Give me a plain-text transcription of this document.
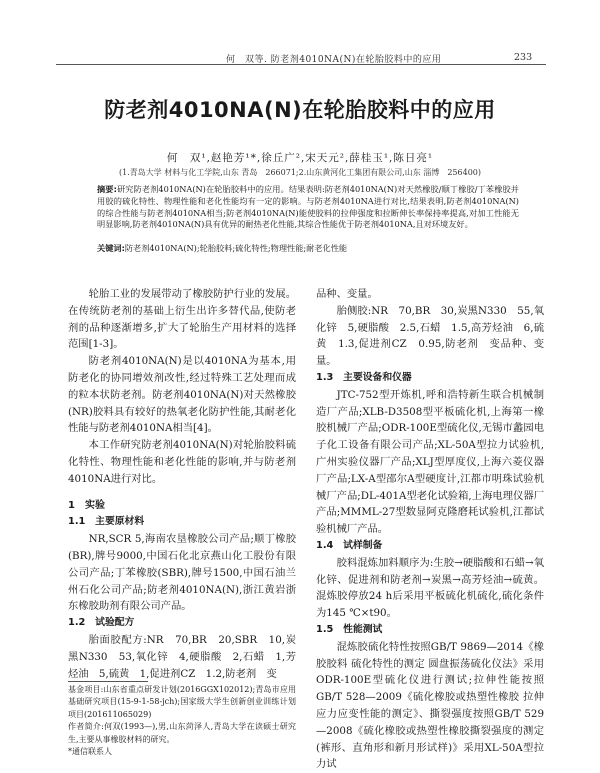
何　双等. 防老剂4010NA(N)在轮胎胶料中的应用	233
防老剂4010NA(N)在轮胎胶料中的应用
何　双¹,赵艳芳¹*,徐丘广²,宋天元²,薛桂玉¹,陈日亮¹
(1.青岛大学 材料与化工学院,山东 青岛　266071;2.山东黄河化工集团有限公司,山东 淄博　256400)
摘要:研究防老剂4010NA(N)在轮胎胶料中的应用。结果表明:防老剂4010NA(N)对天然橡胶/顺丁橡胶/丁苯橡胶并用胶的硫化特性、物理性能和老化性能均有一定的影响。与防老剂4010NA进行对比,结果表明,防老剂4010NA(N)的综合性能与防老剂4010NA相当;防老剂4010NA(N)能使胶料的拉伸强度和拉断伸长率保持率提高,对加工性能无明显影响,防老剂4010NA(N)具有优异的耐热老化性能,其综合性能优于防老剂4010NA,且对环境友好。
关键词:防老剂4010NA(N);轮胎胶料;硫化特性;物理性能;耐老化性能

轮胎工业的发展带动了橡胶防护行业的发展。在传统防老剂的基础上衍生出许多替代品,使防老剂的品种逐渐增多,扩大了轮胎生产用材料的选择范围[1-3]。

防老剂4010NA(N)是以4010NA为基本,用防老化的协同增效剂改性,经过特殊工艺处理而成的粒本状防老剂。防老剂4010NA(N)对天然橡胶(NR)胶料具有较好的热氧老化防护性能,其耐老化性能与防老剂4010NA相当[4]。

本工作研究防老剂4010NA(N)对轮胎胶料硫化特性、物理性能和老化性能的影响,并与防老剂4010NA进行对比。

1　实验

1.1　主要原材料

NR,SCR 5,海南农垦橡胶公司产品;顺丁橡胶(BR),牌号9000,中国石化北京燕山化工股份有限公司产品;丁苯橡胶(SBR),牌号1500,中国石油兰州石化公司产品;防老剂4010NA(N),浙江黄岩浙东橡胶助剂有限公司产品。

1.2　试验配方

胎面胶配方:NR　70,BR　20,SBR　10,炭黑N330　53,氧化锌　4,硬脂酸　2,石蜡　1,芳烃油　5,硫黄　1,促进剂CZ　1.2,防老剂　变

基金项目:山东省重点研发计划(2016GGX102012);青岛市应用基础研究项目(15-9-1-58-jch);国家级大学生创新创业训练计划项目(201611065029)

作者简介:何双(1993—),男,山东菏泽人,青岛大学在读硕士研究生,主要从事橡胶材料的研究。

*通信联系人

品种、变量。

胎侧胶:NR　70,BR　30,炭黑N330　55,氧化锌　5,硬脂酸　2.5,石蜡　1.5,高芳烃油　6,硫黄　1.3,促进剂CZ　0.95,防老剂　变品种、变量。

1.3　主要设备和仪器

JTC-752型开炼机,呼和浩特新生联合机械制造厂产品;XLB-D3508型平板硫化机,上海第一橡胶机械厂产品;ODR-100E型硫化仪,无锡市蠡园电子化工设备有限公司产品;XL-50A型拉力试验机,广州实验仪器厂产品;XLJ型厚度仪,上海六菱仪器厂产品;LX-A型邵尔A型硬度计,江都市明珠试验机械厂产品;DL-401A型老化试验箱,上海电理仪器厂产品;MMML-27型数显阿克隆磨耗试验机,江都试验机械厂产品。

1.4　试样制备

胶料混炼加料顺序为:生胶→硬脂酸和石蜡→氧化锌、促进剂和防老剂→炭黑→高芳烃油→硫黄。混炼胶停放24 h后采用平板硫化机硫化,硫化条件为145 ℃×t90。

1.5　性能测试

混炼胶硫化特性按照GB/T 9869—2014《橡胶胶料 硫化特性的测定 圆盘振荡硫化仪法》采用ODR-100E型硫化仪进行测试;拉伸性能按照GB/T 528—2009《硫化橡胶或热塑性橡胶 拉伸应力应变性能的测定》、撕裂强度按照GB/T 529—2008《硫化橡胶或热塑性橡胶撕裂强度的测定(裤形、直角形和新月形试样)》采用XL-50A型拉力试
